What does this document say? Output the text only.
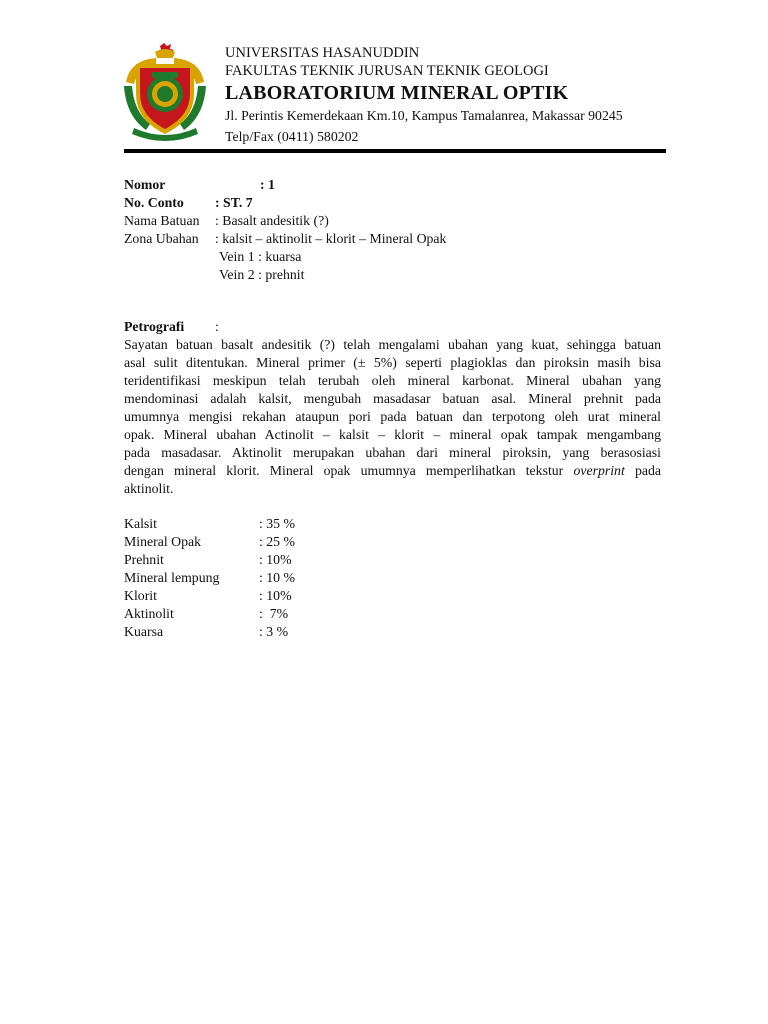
UNIVERSITAS HASANUDDIN
FAKULTAS TEKNIK JURUSAN TEKNIK GEOLOGI
LABORATORIUM MINERAL OPTIK
Jl. Perintis Kemerdekaan Km.10, Kampus Tamalanrea, Makassar 90245
Telp/Fax (0411) 580202
Nomor	: 1
No. Conto : ST. 7
Nama Batuan : Basalt andesitik (?)
Zona Ubahan : kalsit – aktinolit – klorit – Mineral Opak
Vein 1 : kuarsa
Vein 2 : prehnit
Petrografi :
Sayatan batuan basalt andesitik (?) telah mengalami ubahan yang kuat, sehingga batuan
asal sulit ditentukan. Mineral primer (± 5%) seperti plagioklas dan piroksin masih bisa
teridentifikasi meskipun telah terubah oleh mineral karbonat. Mineral ubahan yang
mendominasi adalah kalsit, mengubah masadasar batuan asal. Mineral prehnit pada
umumnya mengisi rekahan ataupun pori pada batuan dan terpotong oleh urat mineral
opak. Mineral ubahan Actinolit – kalsit – klorit – mineral opak tampak mengambang
pada masadasar. Aktinolit merupakan ubahan dari mineral piroksin, yang berasosiasi
dengan mineral klorit. Mineral opak umumnya memperlihatkan tekstur overprint pada
aktinolit.
Kalsit	: 35 %
Mineral Opak	: 25 %
Prehnit	: 10%
Mineral lempung	: 10 %
Klorit	: 10%
Aktinolit	:  7%
Kuarsa	: 3 %
